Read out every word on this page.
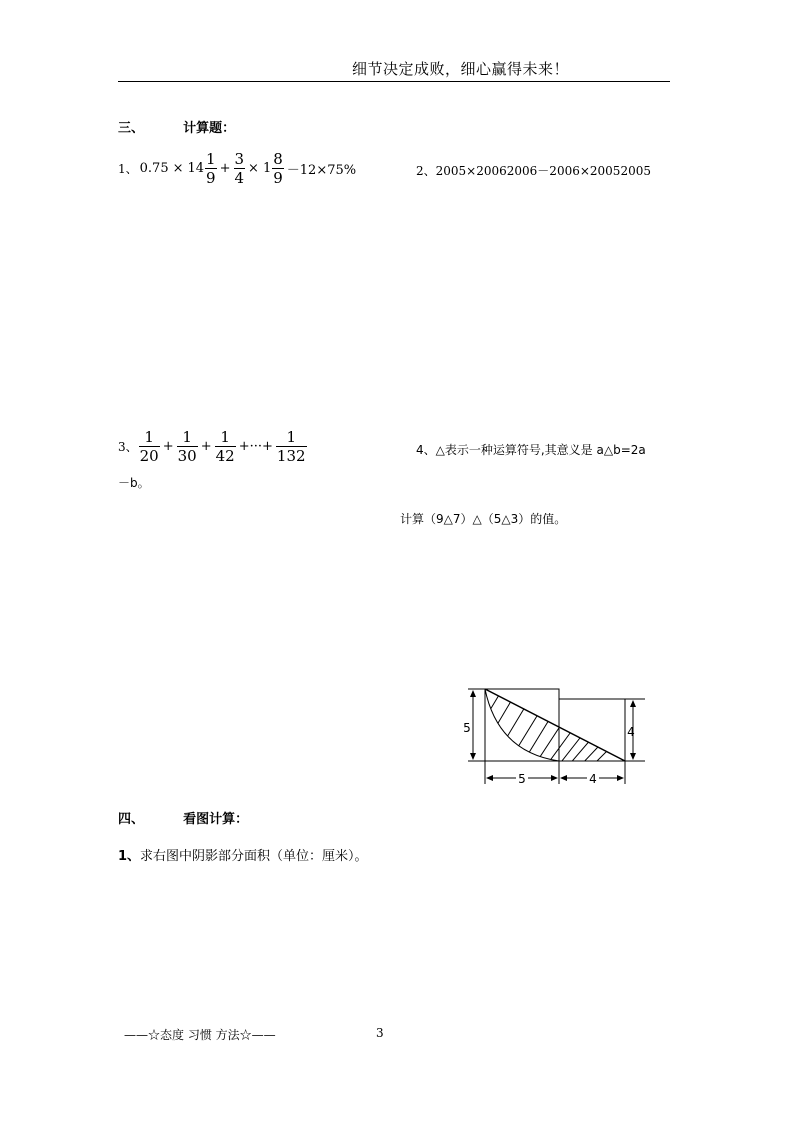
细节决定成败，细心赢得未来！
三、	计算题：
1、 $0.75 \times 14 \frac{1}{9} + \frac{3}{4} \times 1 \frac{8}{9} -12\times 75\%$	2、2005×20062006－2006×20052005
3、 $\frac{1}{20} + \frac{1}{30} + \frac{1}{42}$ +···+ $\frac{1}{132}$	4、△表示一种运算符号,其意义是 a△b=2a
－b。
计算（9△7）△（5△3）的值。
5	4
5	4
四、	看图计算：
1、求右图中阴影部分面积（单位：厘米）。
——☆态度 习惯 方法☆——	3
